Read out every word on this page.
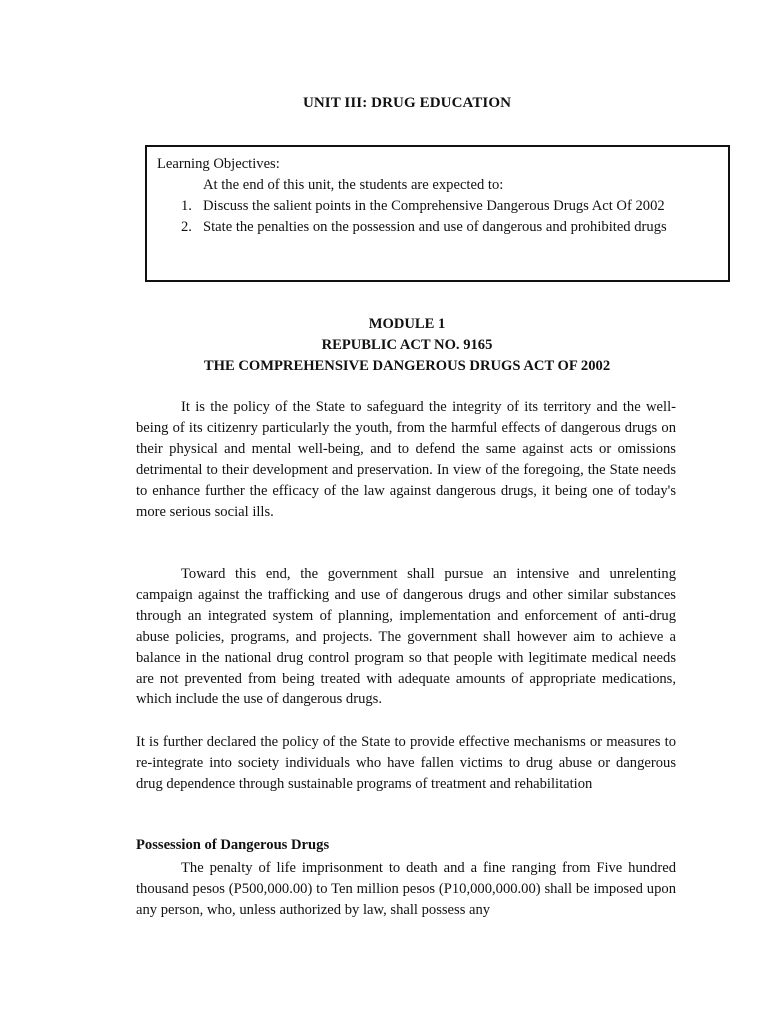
UNIT III: DRUG EDUCATION
Learning Objectives:
At the end of this unit, the students are expected to:
1. Discuss the salient points in the Comprehensive Dangerous Drugs Act Of 2002
2. State the penalties on the possession and use of dangerous and prohibited drugs
MODULE 1
REPUBLIC ACT NO. 9165
THE COMPREHENSIVE DANGEROUS DRUGS ACT OF 2002

It is the policy of the State to safeguard the integrity of its territory and the well-being of its citizenry particularly the youth, from the harmful effects of dangerous drugs on their physical and mental well-being, and to defend the same against acts or omissions detrimental to their development and preservation. In view of the foregoing, the State needs to enhance further the efficacy of the law against dangerous drugs, it being one of today's more serious social ills.

Toward this end, the government shall pursue an intensive and unrelenting campaign against the trafficking and use of dangerous drugs and other similar substances through an integrated system of planning, implementation and enforcement of anti-drug abuse policies, programs, and projects. The government shall however aim to achieve a balance in the national drug control program so that people with legitimate medical needs are not prevented from being treated with adequate amounts of appropriate medications, which include the use of dangerous drugs.

It is further declared the policy of the State to provide effective mechanisms or measures to re-integrate into society individuals who have fallen victims to drug abuse or dangerous drug dependence through sustainable programs of treatment and rehabilitation

Possession of Dangerous Drugs

The penalty of life imprisonment to death and a fine ranging from Five hundred thousand pesos (P500,000.00) to Ten million pesos (P10,000,000.00) shall be imposed upon any person, who, unless authorized by law, shall possess any
